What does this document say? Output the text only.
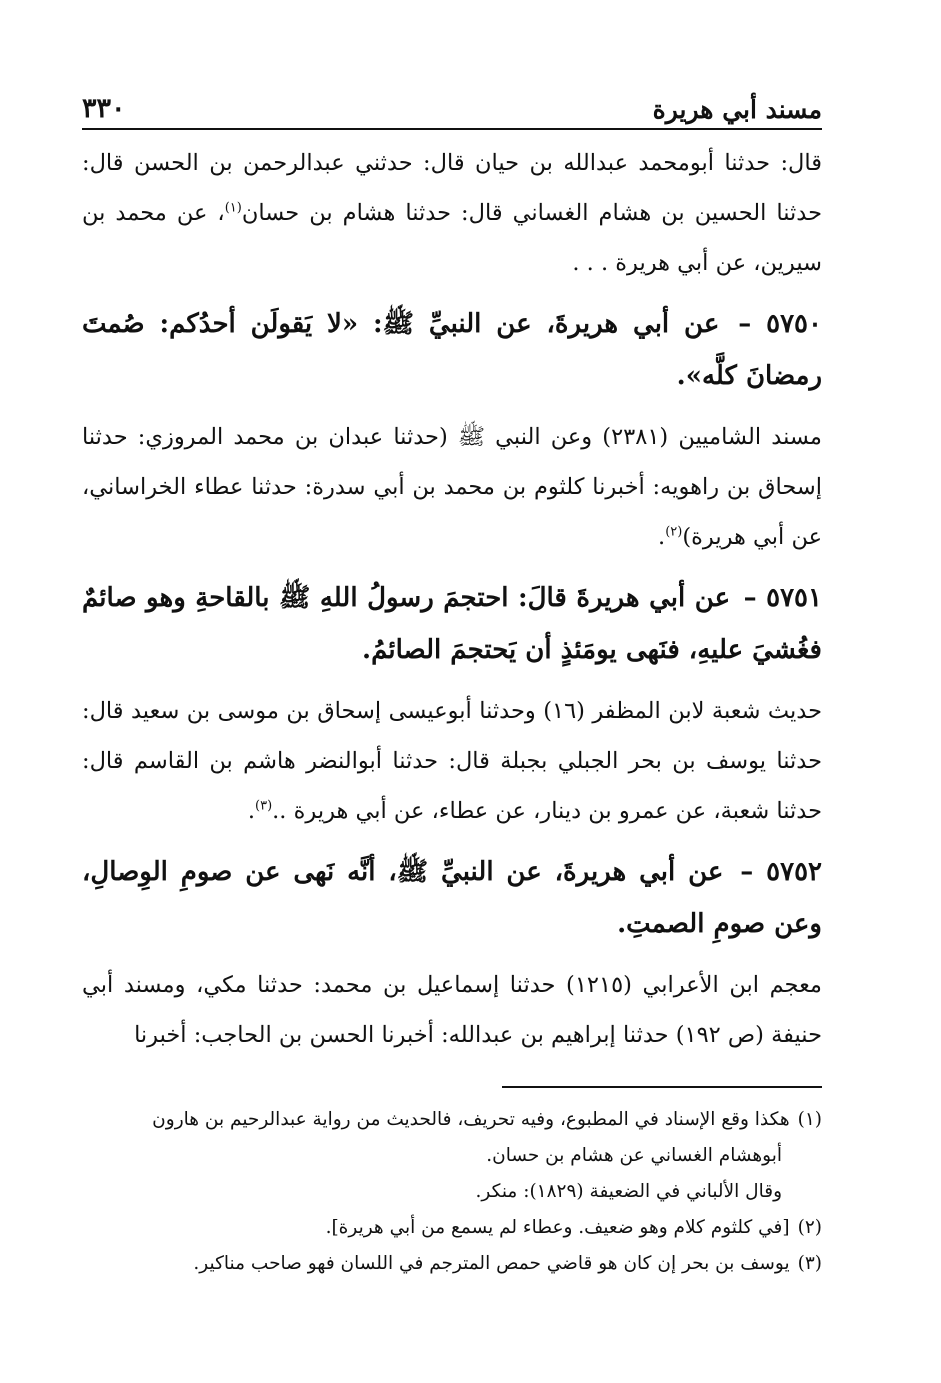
مسند أبي هريرة
٣٣٠

قال: حدثنا أبومحمد عبدالله بن حيان قال: حدثني عبدالرحمن بن الحسن قال: حدثنا الحسين بن هشام الغساني قال: حدثنا هشام بن حسان$^{(١)}$، عن محمد بن سيرين، عن أبي هريرة . . .

٥٧٥٠ – عن أبي هريرةَ، عن النبيِّ ﷺ: «لا يَقولَن أحدُكم: صُمتَ رمضانَ كلَّه».

مسند الشاميين (٢٣٨١) وعن النبي ﷺ (حدثنا عبدان بن محمد المروزي: حدثنا إسحاق بن راهويه: أخبرنا كلثوم بن محمد بن أبي سدرة: حدثنا عطاء الخراساني، عن أبي هريرة)$^{(٢)}$.

٥٧٥١ – عن أبي هريرةَ قالَ: احتجمَ رسولُ اللهِ ﷺ بالقاحةِ وهو صائمٌ فغُشيَ عليهِ، فنَهى يومَئذٍ أن يَحتجمَ الصائمُ.

حديث شعبة لابن المظفر (١٦) وحدثنا أبوعيسى إسحاق بن موسى بن سعيد قال: حدثنا يوسف بن بحر الجبلي بجبلة قال: حدثنا أبوالنضر هاشم بن القاسم قال: حدثنا شعبة، عن عمرو بن دينار، عن عطاء، عن أبي هريرة ..$^{(٣)}$.

٥٧٥٢ – عن أبي هريرةَ، عن النبيِّ ﷺ، أنَّه نَهى عن صومِ الوِصالِ، وعن صومِ الصمتِ.

معجم ابن الأعرابي (١٢١٥) حدثنا إسماعيل بن محمد: حدثنا مكي، ومسند أبي حنيفة (ص ١٩٢) حدثنا إبراهيم بن عبدالله: أخبرنا الحسن بن الحاجب: أخبرنا

(١)هكذا وقع الإسناد في المطبوع، وفيه تحريف، فالحديث من رواية عبدالرحيم بن هارون

أبوهشام الغساني عن هشام بن حسان.

وقال الألباني في الضعيفة (١٨٢٩): منكر.

(٢)[في كلثوم كلام وهو ضعيف. وعطاء لم يسمع من أبي هريرة].

(٣)يوسف بن بحر إن كان هو قاضي حمص المترجم في اللسان فهو صاحب مناكير.
